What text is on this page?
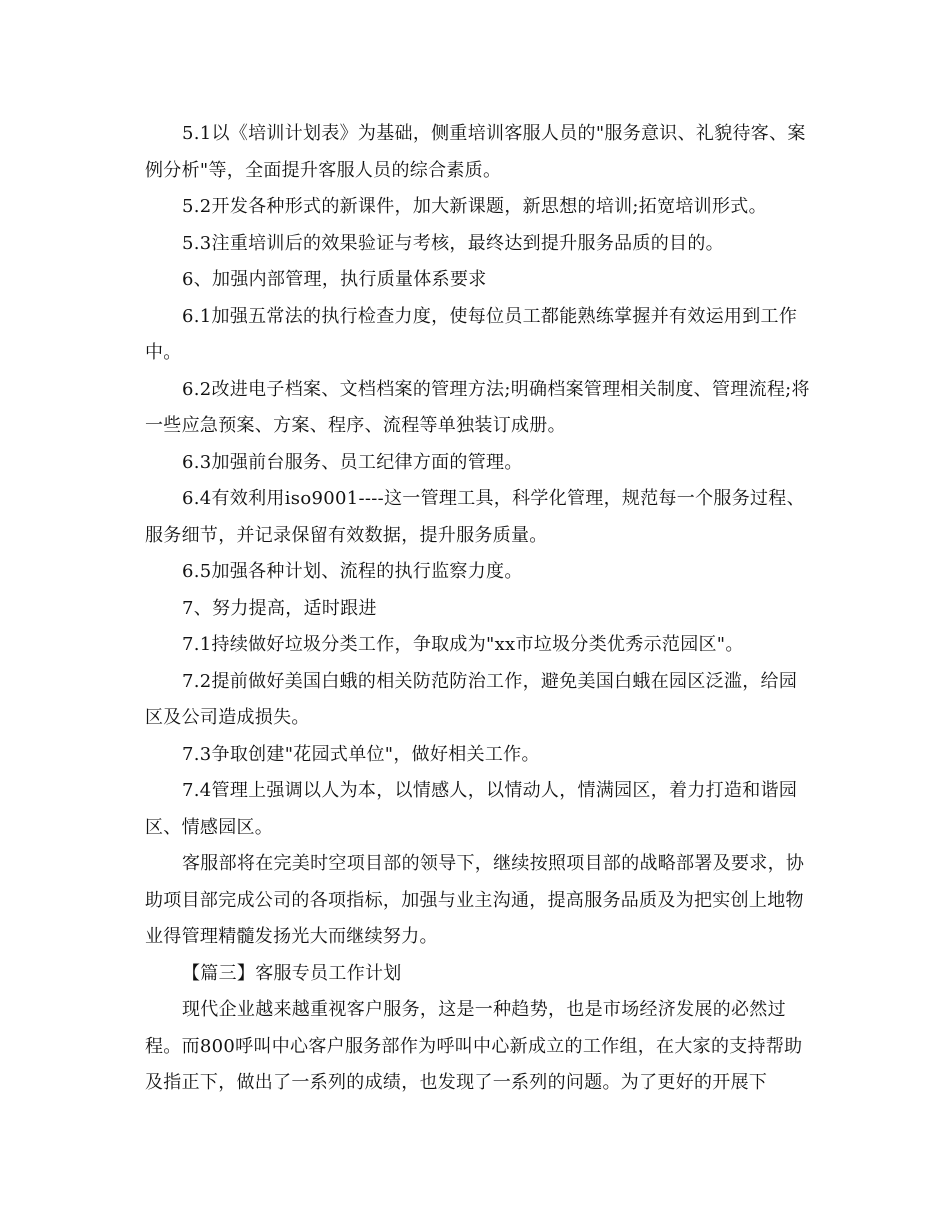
5.1以《培训计划表》为基础，侧重培训客服人员的"服务意识、礼貌待客、案例分析"等，全面提升客服人员的综合素质。

5.2开发各种形式的新课件，加大新课题，新思想的培训;拓宽培训形式。

5.3注重培训后的效果验证与考核，最终达到提升服务品质的目的。

6、加强内部管理，执行质量体系要求

6.1加强五常法的执行检查力度，使每位员工都能熟练掌握并有效运用到工作中。

6.2改进电子档案、文档档案的管理方法;明确档案管理相关制度、管理流程;将一些应急预案、方案、程序、流程等单独装订成册。

6.3加强前台服务、员工纪律方面的管理。

6.4有效利用iso9001----这一管理工具，科学化管理，规范每一个服务过程、服务细节，并记录保留有效数据，提升服务质量。

6.5加强各种计划、流程的执行监察力度。

7、努力提高，适时跟进

7.1持续做好垃圾分类工作，争取成为"xx市垃圾分类优秀示范园区"。

7.2提前做好美国白蛾的相关防范防治工作，避免美国白蛾在园区泛滥，给园区及公司造成损失。

7.3争取创建"花园式单位"，做好相关工作。

7.4管理上强调以人为本，以情感人，以情动人，情满园区，着力打造和谐园区、情感园区。

客服部将在完美时空项目部的领导下，继续按照项目部的战略部署及要求，协助项目部完成公司的各项指标，加强与业主沟通，提高服务品质及为把实创上地物业得管理精髓发扬光大而继续努力。

【篇三】客服专员工作计划

现代企业越来越重视客户服务，这是一种趋势，也是市场经济发展的必然过程。而800呼叫中心客户服务部作为呼叫中心新成立的工作组，在大家的支持帮助及指正下，做出了一系列的成绩，也发现了一系列的问题。为了更好的开展下
